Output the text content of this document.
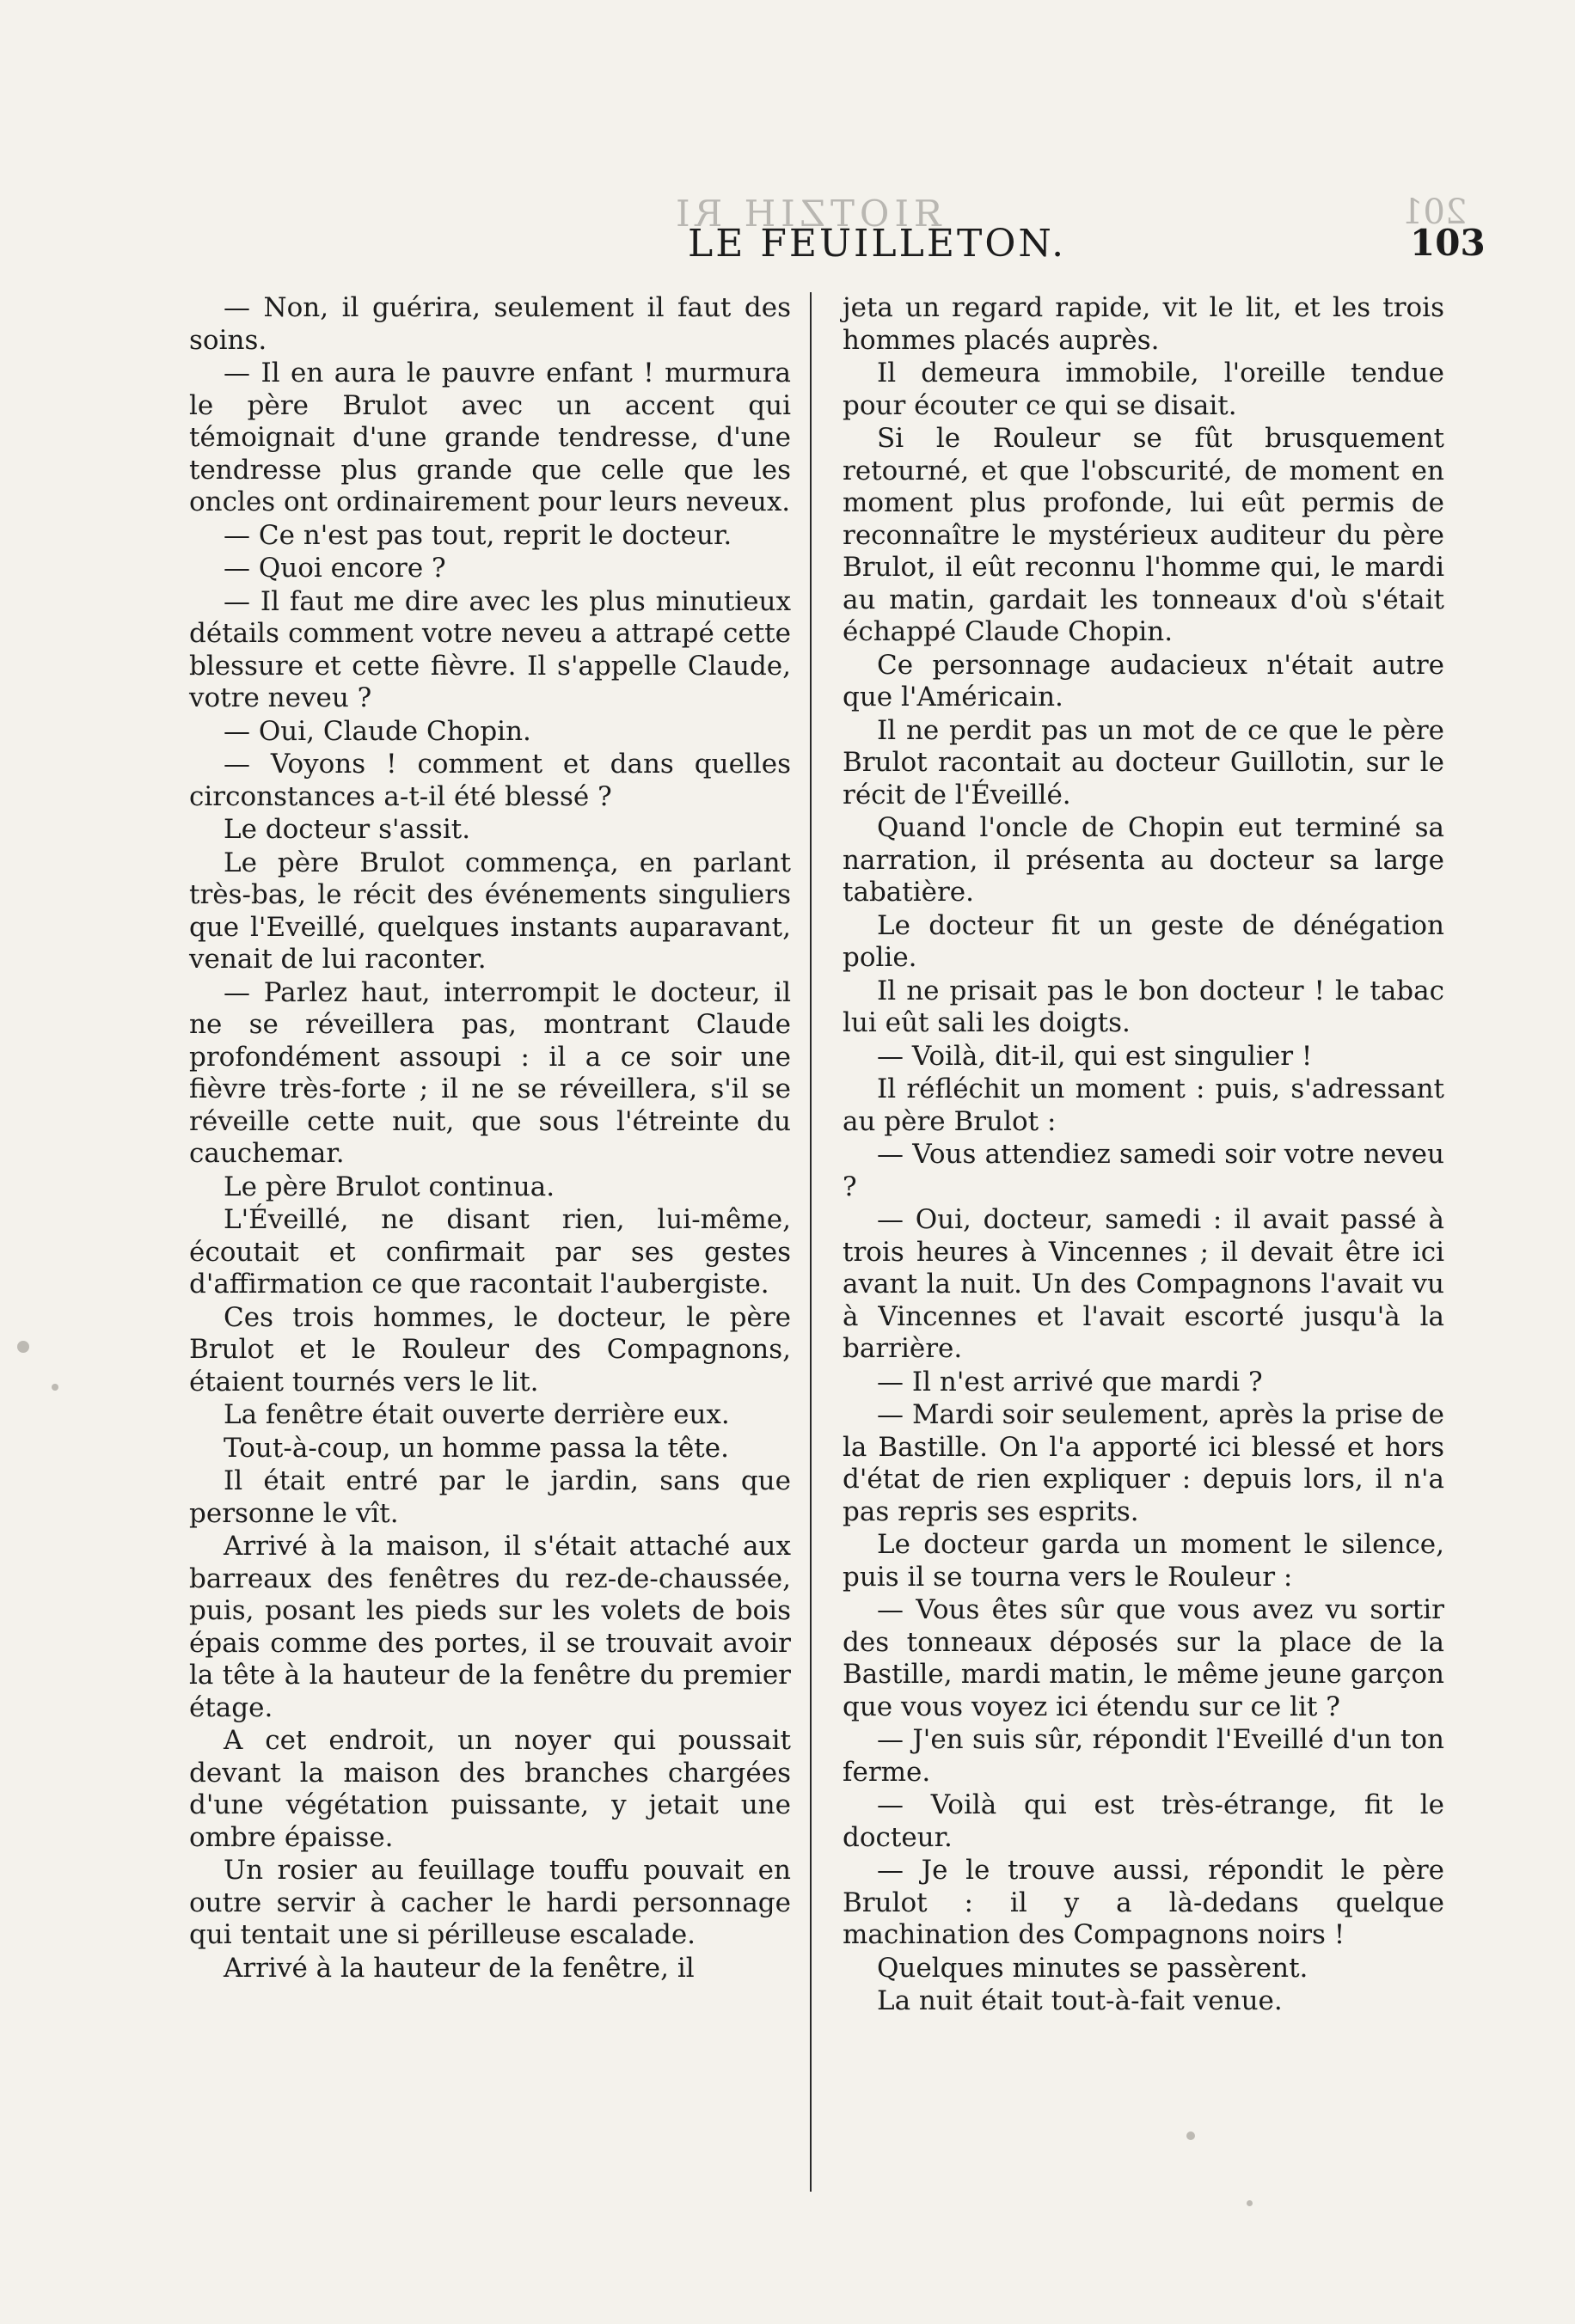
ЯIOTZIH RI	201
LE FEUILLETON.	103

— Non, il guérira, seulement il faut des soins.

— Il en aura le pauvre enfant ! murmura le père Brulot avec un accent qui témoignait d'une grande tendresse, d'une tendresse plus grande que celle que les oncles ont ordinairement pour leurs neveux.

— Ce n'est pas tout, reprit le docteur.

— Quoi encore ?

— Il faut me dire avec les plus minutieux détails comment votre neveu a attrapé cette blessure et cette fièvre. Il s'appelle Claude, votre neveu ?

— Oui, Claude Chopin.

— Voyons ! comment et dans quelles circonstances a-t-il été blessé ?

Le docteur s'assit.

Le père Brulot commença, en parlant très-bas, le récit des événements singuliers que l'Eveillé, quelques instants auparavant, venait de lui raconter.

— Parlez haut, interrompit le docteur, il ne se réveillera pas, montrant Claude profondément assoupi : il a ce soir une fièvre très-forte ; il ne se réveillera, s'il se réveille cette nuit, que sous l'étreinte du cauchemar.

Le père Brulot continua.

L'Éveillé, ne disant rien, lui-même, écoutait et confirmait par ses gestes d'affirmation ce que racontait l'aubergiste.

Ces trois hommes, le docteur, le père Brulot et le Rouleur des Compagnons, étaient tournés vers le lit.

La fenêtre était ouverte derrière eux.

Tout-à-coup, un homme passa la tête.

Il était entré par le jardin, sans que personne le vît.

Arrivé à la maison, il s'était attaché aux barreaux des fenêtres du rez-de-chaussée, puis, posant les pieds sur les volets de bois épais comme des portes, il se trouvait avoir la tête à la hauteur de la fenêtre du premier étage.

A cet endroit, un noyer qui poussait devant la maison des branches chargées d'une végétation puissante, y jetait une ombre épaisse.

Un rosier au feuillage touffu pouvait en outre servir à cacher le hardi personnage qui tentait une si périlleuse escalade.

Arrivé à la hauteur de la fenêtre, il

jeta un regard rapide, vit le lit, et les trois hommes placés auprès.

Il demeura immobile, l'oreille tendue pour écouter ce qui se disait.

Si le Rouleur se fût brusquement retourné, et que l'obscurité, de moment en moment plus profonde, lui eût permis de reconnaître le mystérieux auditeur du père Brulot, il eût reconnu l'homme qui, le mardi au matin, gardait les tonneaux d'où s'était échappé Claude Chopin.

Ce personnage audacieux n'était autre que l'Américain.

Il ne perdit pas un mot de ce que le père Brulot racontait au docteur Guillotin, sur le récit de l'Éveillé.

Quand l'oncle de Chopin eut terminé sa narration, il présenta au docteur sa large tabatière.

Le docteur fit un geste de dénégation polie.

Il ne prisait pas le bon docteur ! le tabac lui eût sali les doigts.

— Voilà, dit-il, qui est singulier !

Il réfléchit un moment : puis, s'adressant au père Brulot :

— Vous attendiez samedi soir votre neveu ?

— Oui, docteur, samedi : il avait passé à trois heures à Vincennes ; il devait être ici avant la nuit. Un des Compagnons l'avait vu à Vincennes et l'avait escorté jusqu'à la barrière.

— Il n'est arrivé que mardi ?

— Mardi soir seulement, après la prise de la Bastille. On l'a apporté ici blessé et hors d'état de rien expliquer : depuis lors, il n'a pas repris ses esprits.

Le docteur garda un moment le silence, puis il se tourna vers le Rouleur :

— Vous êtes sûr que vous avez vu sortir des tonneaux déposés sur la place de la Bastille, mardi matin, le même jeune garçon que vous voyez ici étendu sur ce lit ?

— J'en suis sûr, répondit l'Eveillé d'un ton ferme.

— Voilà qui est très-étrange, fit le docteur.

— Je le trouve aussi, répondit le père Brulot : il y a là-dedans quelque machination des Compagnons noirs !

Quelques minutes se passèrent.

La nuit était tout-à-fait venue.
